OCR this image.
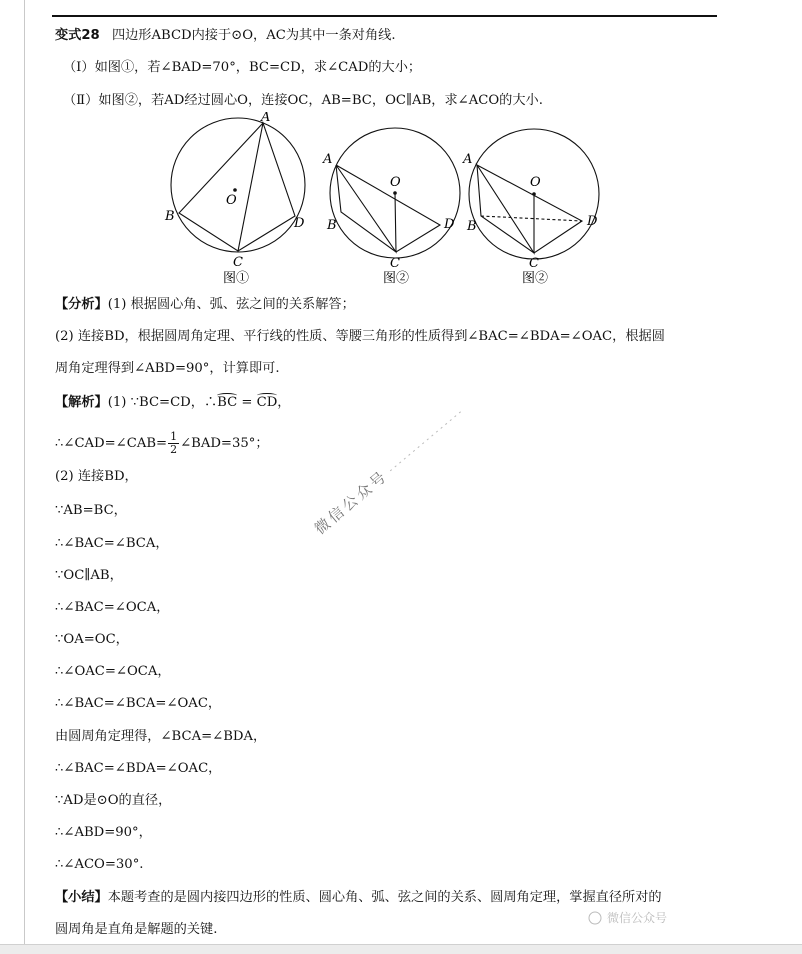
变式28 四边形ABCD内接于⊙O，AC为其中一条对角线.
（Ⅰ）如图①，若∠BAD=70°，BC=CD，求∠CAD的大小；
（Ⅱ）如图②，若AD经过圆心O，连接OC，AB=BC，OC∥AB，求∠ACO的大小.
A
B
C
D
O
图①
A
B
C
D
O
图②
A
B
C
D
O
图②
【分析】(1) 根据圆心角、弧、弦之间的关系解答；
(2) 连接BD，根据圆周角定理、平行线的性质、等腰三角形的性质得到∠BAC=∠BDA=∠OAC，根据圆
周角定理得到∠ABD=90°，计算即可.
【解析】(1) ∵BC=CD，∴BC = CD，
∴∠CAD=∠CAB= $\frac{1}{2}$ ∠BAD=35°；
(2) 连接BD，
∵AB=BC，
∴∠BAC=∠BCA，
∵OC∥AB，
∴∠BAC=∠OCA，
∵OA=OC，
∴∠OAC=∠OCA，
∴∠BAC=∠BCA=∠OAC，
由圆周角定理得，∠BCA=∠BDA，
∴∠BAC=∠BDA=∠OAC，
∵AD是⊙O的直径，
∴∠ABD=90°，
∴∠ACO=30°.
【小结】本题考查的是圆内接四边形的性质、圆心角、弧、弦之间的关系、圆周角定理，掌握直径所对的
圆周角是直角是解题的关键.
微信公众号
微信公众号
